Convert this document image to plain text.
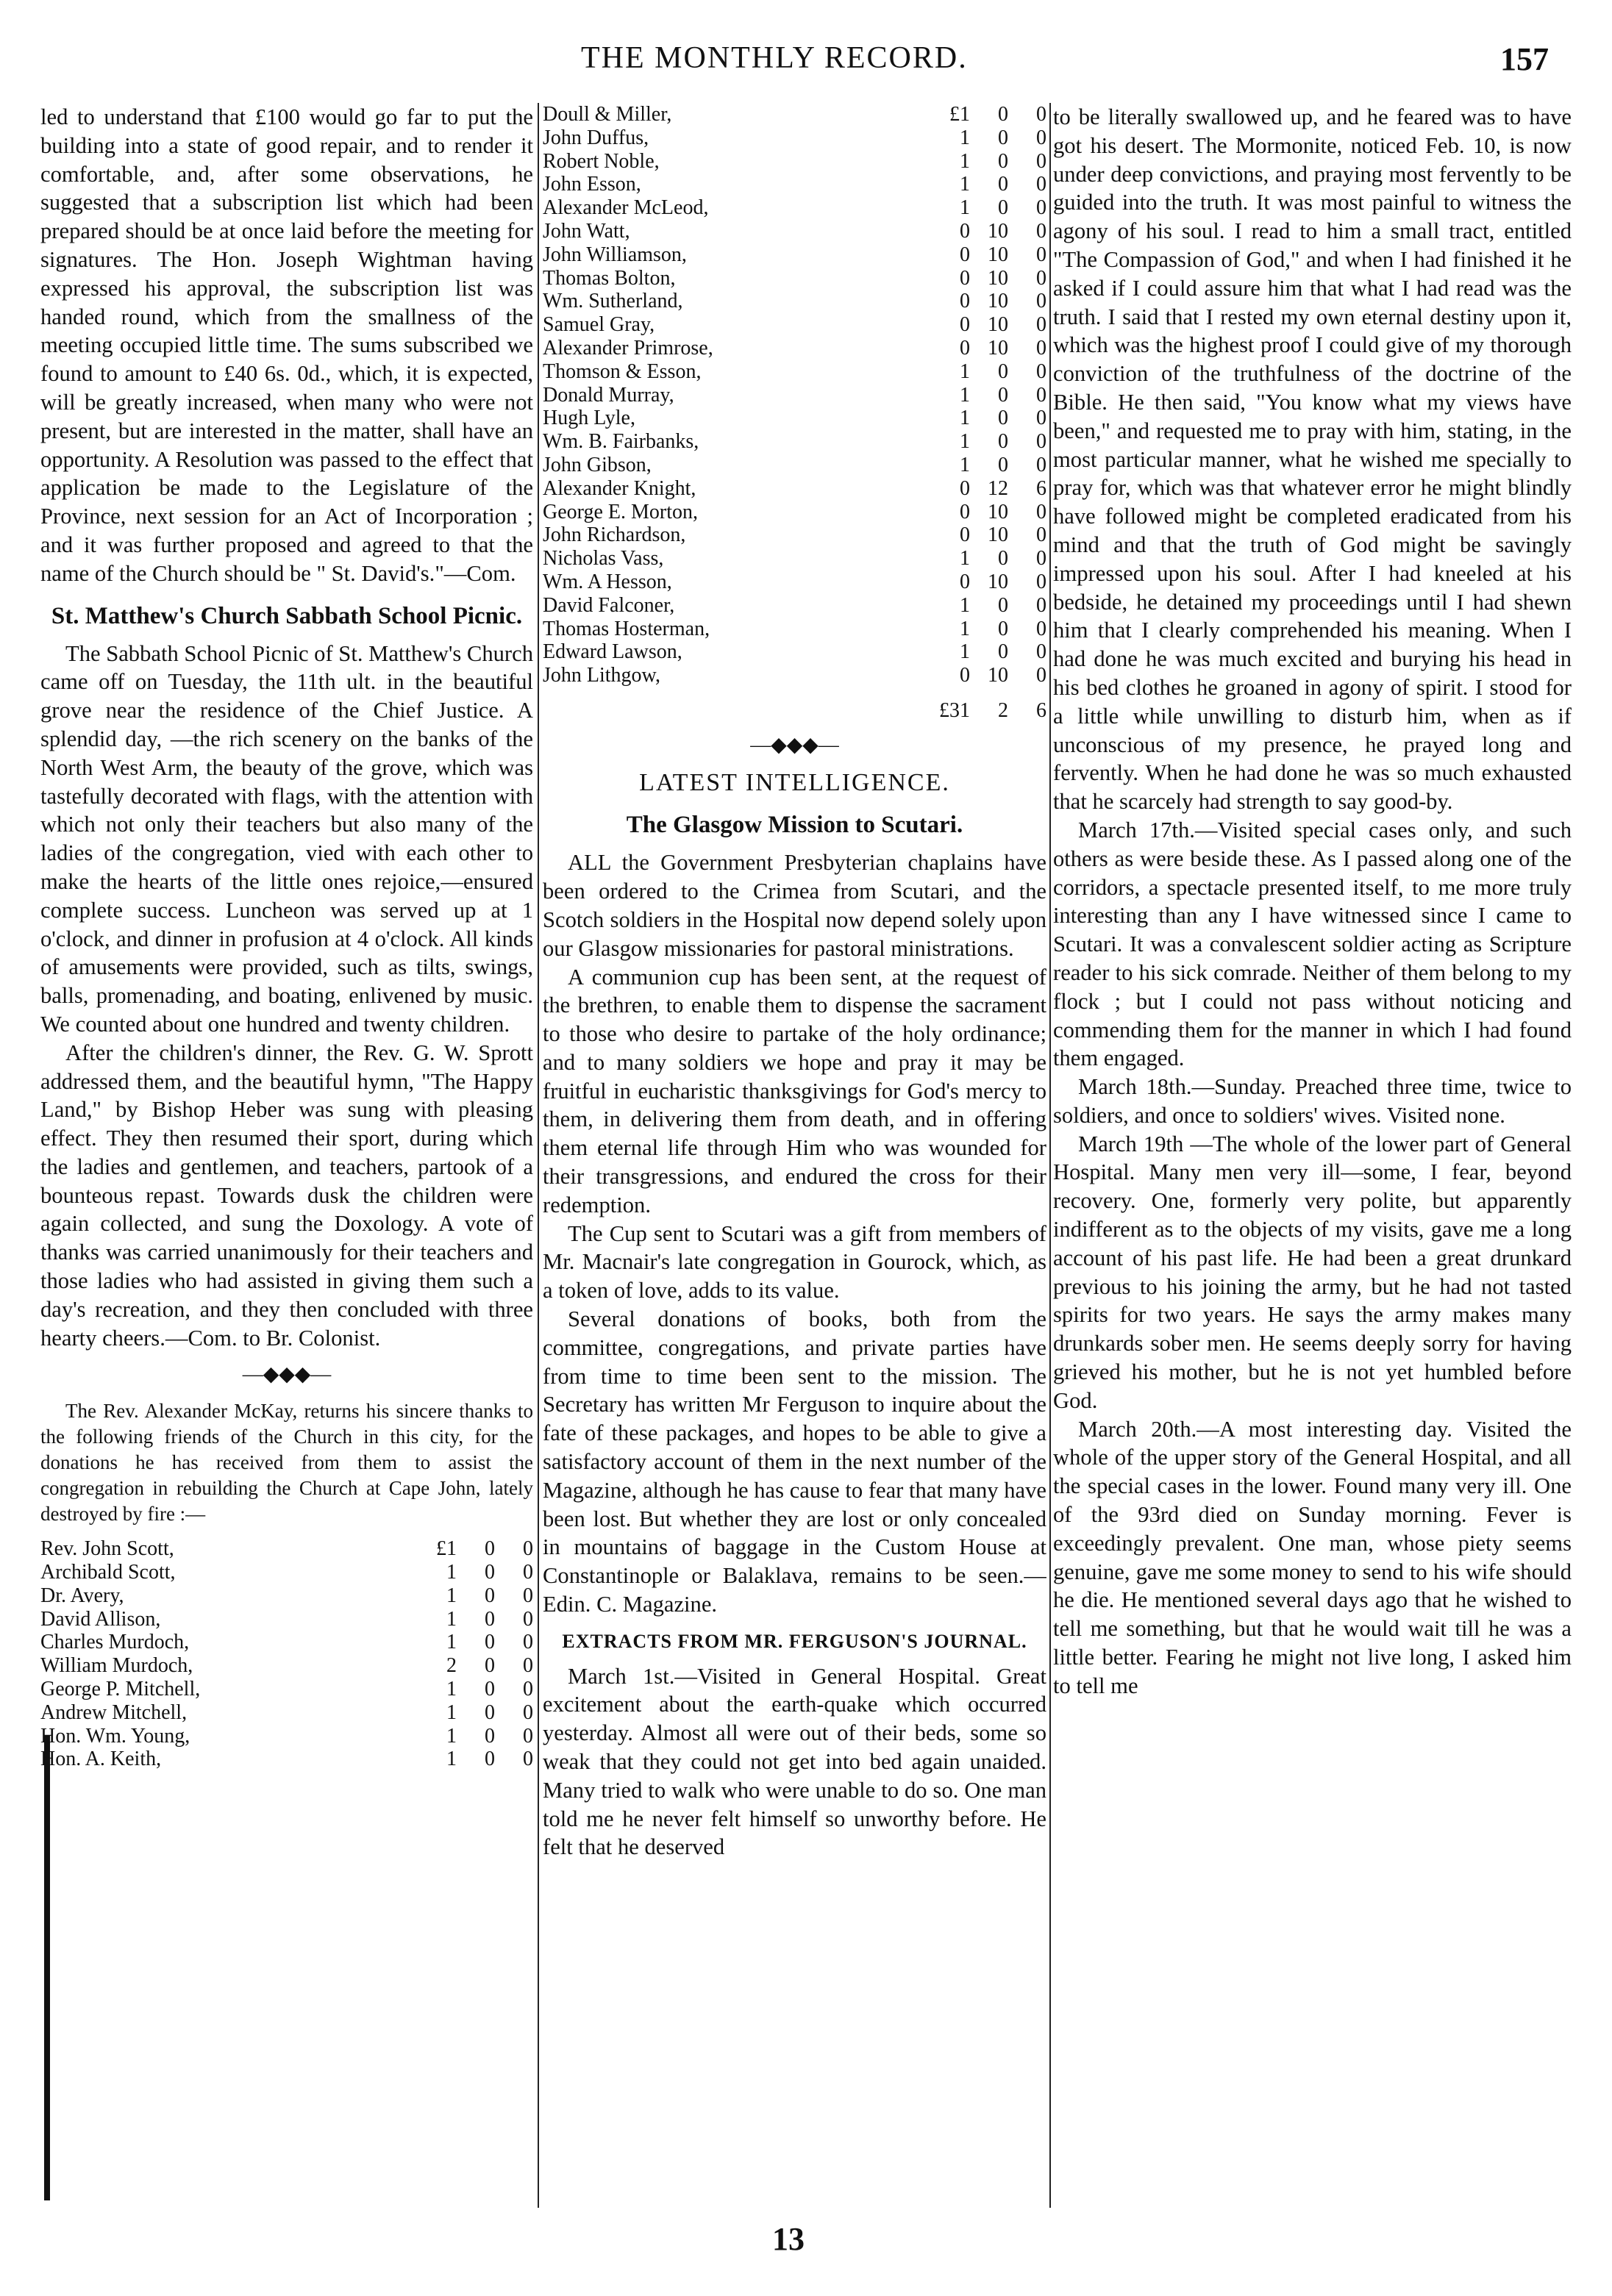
THE MONTHLY RECORD.	157

led to understand that £100 would go far to put the building into a state of good repair, and to render it comfortable, and, after some observations, he suggested that a subscription list which had been prepared should be at once laid before the meeting for signatures. The Hon. Joseph Wightman having expressed his approval, the subscription list was handed round, which from the smallness of the meeting occupied little time. The sums subscribed we found to amount to £40 6s. 0d., which, it is expected, will be greatly increased, when many who were not present, but are interested in the matter, shall have an opportunity. A Resolution was passed to the effect that application be made to the Legislature of the Province, next session for an Act of Incorporation ; and it was further proposed and agreed to that the name of the Church should be " St. David's."—Com.

St. Matthew's Church Sabbath School Picnic.

The Sabbath School Picnic of St. Matthew's Church came off on Tuesday, the 11th ult. in the beautiful grove near the residence of the Chief Justice. A splendid day, —the rich scenery on the banks of the North West Arm, the beauty of the grove, which was tastefully decorated with flags, with the attention with which not only their teachers but also many of the ladies of the congregation, vied with each other to make the hearts of the little ones rejoice,—ensured complete success. Luncheon was served up at 1 o'clock, and dinner in profusion at 4 o'clock. All kinds of amusements were provided, such as tilts, swings, balls, promenading, and boating, enlivened by music. We counted about one hundred and twenty children.

After the children's dinner, the Rev. G. W. Sprott addressed them, and the beautiful hymn, "The Happy Land," by Bishop Heber was sung with pleasing effect. They then resumed their sport, during which the ladies and gentlemen, and teachers, partook of a bounteous repast. Towards dusk the children were again collected, and sung the Doxology. A vote of thanks was carried unanimously for their teachers and those ladies who had assisted in giving them such a day's recreation, and they then concluded with three hearty cheers.—Com. to Br. Colonist.

—◆◆◆—

The Rev. Alexander McKay, returns his sincere thanks to the following friends of the Church in this city, for the donations he has received from them to assist the congregation in rebuilding the Church at Cape John, lately destroyed by fire :—

Rev. John Scott,	£1	0	0
Archibald Scott,	1	0	0
Dr. Avery,	1	0	0
David Allison,	1	0	0
Charles Murdoch,	1	0	0
William Murdoch,	2	0	0
George P. Mitchell,	1	0	0
Andrew Mitchell,	1	0	0
Hon. Wm. Young,	1	0	0
Hon. A. Keith,	1	0	0
Doull & Miller,	£1	0	0
John Duffus,	1	0	0
Robert Noble,	1	0	0
John Esson,	1	0	0
Alexander McLeod,	1	0	0
John Watt,	0	10	0
John Williamson,	0	10	0
Thomas Bolton,	0	10	0
Wm. Sutherland,	0	10	0
Samuel Gray,	0	10	0
Alexander Primrose,	0	10	0
Thomson & Esson,	1	0	0
Donald Murray,	1	0	0
Hugh Lyle,	1	0	0
Wm. B. Fairbanks,	1	0	0
John Gibson,	1	0	0
Alexander Knight,	0	12	6
George E. Morton,	0	10	0
John Richardson,	0	10	0
Nicholas Vass,	1	0	0
Wm. A Hesson,	0	10	0
David Falconer,	1	0	0
Thomas Hosterman,	1	0	0
Edward Lawson,	1	0	0
John Lithgow,	0	10	0
	£31	2	6
—◆◆◆—
LATEST INTELLIGENCE.
The Glasgow Mission to Scutari.

ALL the Government Presbyterian chaplains have been ordered to the Crimea from Scutari, and the Scotch soldiers in the Hospital now depend solely upon our Glasgow missionaries for pastoral ministrations.

A communion cup has been sent, at the request of the brethren, to enable them to dispense the sacrament to those who desire to partake of the holy ordinance; and to many soldiers we hope and pray it may be fruitful in eucharistic thanksgivings for God's mercy to them, in delivering them from death, and in offering them eternal life through Him who was wounded for their transgressions, and endured the cross for their redemption.

The Cup sent to Scutari was a gift from members of Mr. Macnair's late congregation in Gourock, which, as a token of love, adds to its value.

Several donations of books, both from the committee, congregations, and private parties have from time to time been sent to the mission. The Secretary has written Mr Ferguson to inquire about the fate of these packages, and hopes to be able to give a satisfactory account of them in the next number of the Magazine, although he has cause to fear that many have been lost. But whether they are lost or only concealed in mountains of baggage in the Custom House at Constantinople or Balaklava, remains to be seen.—Edin. C. Magazine.

EXTRACTS FROM MR. FERGUSON'S JOURNAL.

March 1st.—Visited in General Hospital. Great excitement about the earth-quake which occurred yesterday. Almost all were out of their beds, some so weak that they could not get into bed again unaided. Many tried to walk who were unable to do so. One man told me he never felt himself so unworthy before. He felt that he deserved

to be literally swallowed up, and he feared was to have got his desert. The Mormonite, noticed Feb. 10, is now under deep convictions, and praying most fervently to be guided into the truth. It was most painful to witness the agony of his soul. I read to him a small tract, entitled "The Compassion of God," and when I had finished it he asked if I could assure him that what I had read was the truth. I said that I rested my own eternal destiny upon it, which was the highest proof I could give of my thorough conviction of the truthfulness of the doctrine of the Bible. He then said, "You know what my views have been," and requested me to pray with him, stating, in the most particular manner, what he wished me specially to pray for, which was that whatever error he might blindly have followed might be completed eradicated from his mind and that the truth of God might be savingly impressed upon his soul. After I had kneeled at his bedside, he detained my proceedings until I had shewn him that I clearly comprehended his meaning. When I had done he was much excited and burying his head in his bed clothes he groaned in agony of spirit. I stood for a little while unwilling to disturb him, when as if unconscious of my presence, he prayed long and fervently. When he had done he was so much exhausted that he scarcely had strength to say good-by.

March 17th.—Visited special cases only, and such others as were beside these. As I passed along one of the corridors, a spectacle presented itself, to me more truly interesting than any I have witnessed since I came to Scutari. It was a convalescent soldier acting as Scripture reader to his sick comrade. Neither of them belong to my flock ; but I could not pass without noticing and commending them for the manner in which I had found them engaged.

March 18th.—Sunday. Preached three time, twice to soldiers, and once to soldiers' wives. Visited none.

March 19th —The whole of the lower part of General Hospital. Many men very ill—some, I fear, beyond recovery. One, formerly very polite, but apparently indifferent as to the objects of my visits, gave me a long account of his past life. He had been a great drunkard previous to his joining the army, but he had not tasted spirits for two years. He says the army makes many drunkards sober men. He seems deeply sorry for having grieved his mother, but he is not yet humbled before God.

March 20th.—A most interesting day. Visited the whole of the upper story of the General Hospital, and all the special cases in the lower. Found many very ill. One of the 93rd died on Sunday morning. Fever is exceedingly prevalent. One man, whose piety seems genuine, gave me some money to send to his wife should he die. He mentioned several days ago that he wished to tell me something, but that he would wait till he was a little better. Fearing he might not live long, I asked him to tell me

13
